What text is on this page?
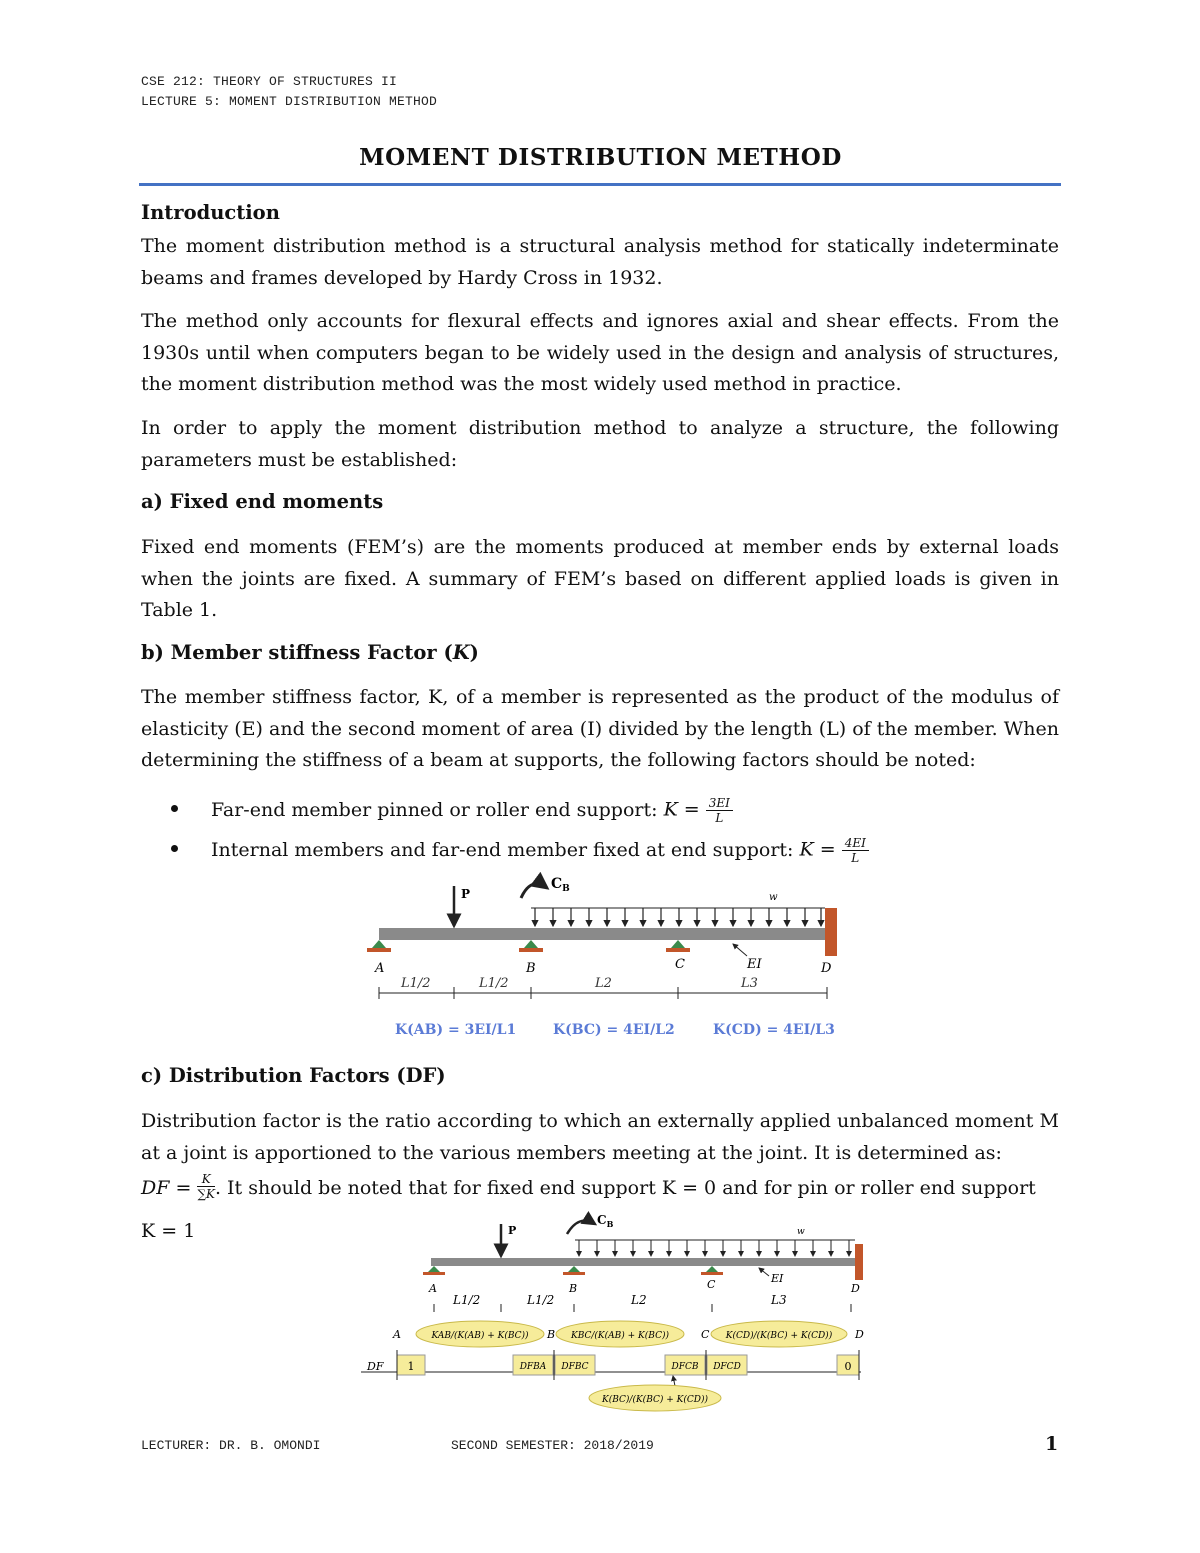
CSE 212: THEORY OF STRUCTURES II
LECTURE 5: MOMENT DISTRIBUTION METHOD
MOMENT DISTRIBUTION METHOD
Introduction
The moment distribution method is a structural analysis method for statically indeterminate beams and frames developed by Hardy Cross in 1932.
The method only accounts for flexural effects and ignores axial and shear effects. From the 1930s until when computers began to be widely used in the design and analysis of structures, the moment distribution method was the most widely used method in practice.
In order to apply the moment distribution method to analyze a structure, the following parameters must be established:
a) Fixed end moments
Fixed end moments (FEM’s) are the moments produced at member ends by external loads when the joints are fixed. A summary of FEM’s based on different applied loads is given in Table 1.
b) Member stiffness Factor (K)
The member stiffness factor, K, of a member is represented as the product of the modulus of elasticity (E) and the second moment of area (I) divided by the length (L) of the member. When determining the stiffness of a beam at supports, the following factors should be noted:
Far-end member pinned or roller end support: $K = \frac{3EI}{L}$
Internal members and far-end member fixed at end support: $K = \frac{4EI}{L}$
P
$C_B$
w
EI
A	B	C	D
L1/2	L1/2	L2	L3
K(AB) = 3EI/L1	K(BC) = 4EI/L2	K(CD) = 4EI/L3
c) Distribution Factors (DF)
Distribution factor is the ratio according to which an externally applied unbalanced moment M at a joint is apportioned to the various members meeting at the joint. It is determined as:
DF = $\frac{K}{\sum K}$ . It should be noted that for fixed end support K = 0 and for pin or roller end support
K = 1	P
$C_B$
w
EI
A	B	C	D
L1/2	L1/2	L2	L3
A	KAB/(K(AB) + K(BC)) B KBC/(K(AB) + K(BC))	C K(CD)/(K(BC) + K(CD)) D
DF 1	DFBA DFBC	DFCB DFCD	0
K(BC)/(K(BC) + K(CD))
LECTURER: DR. B. OMONDI	SECOND SEMESTER: 2018/2019	1
